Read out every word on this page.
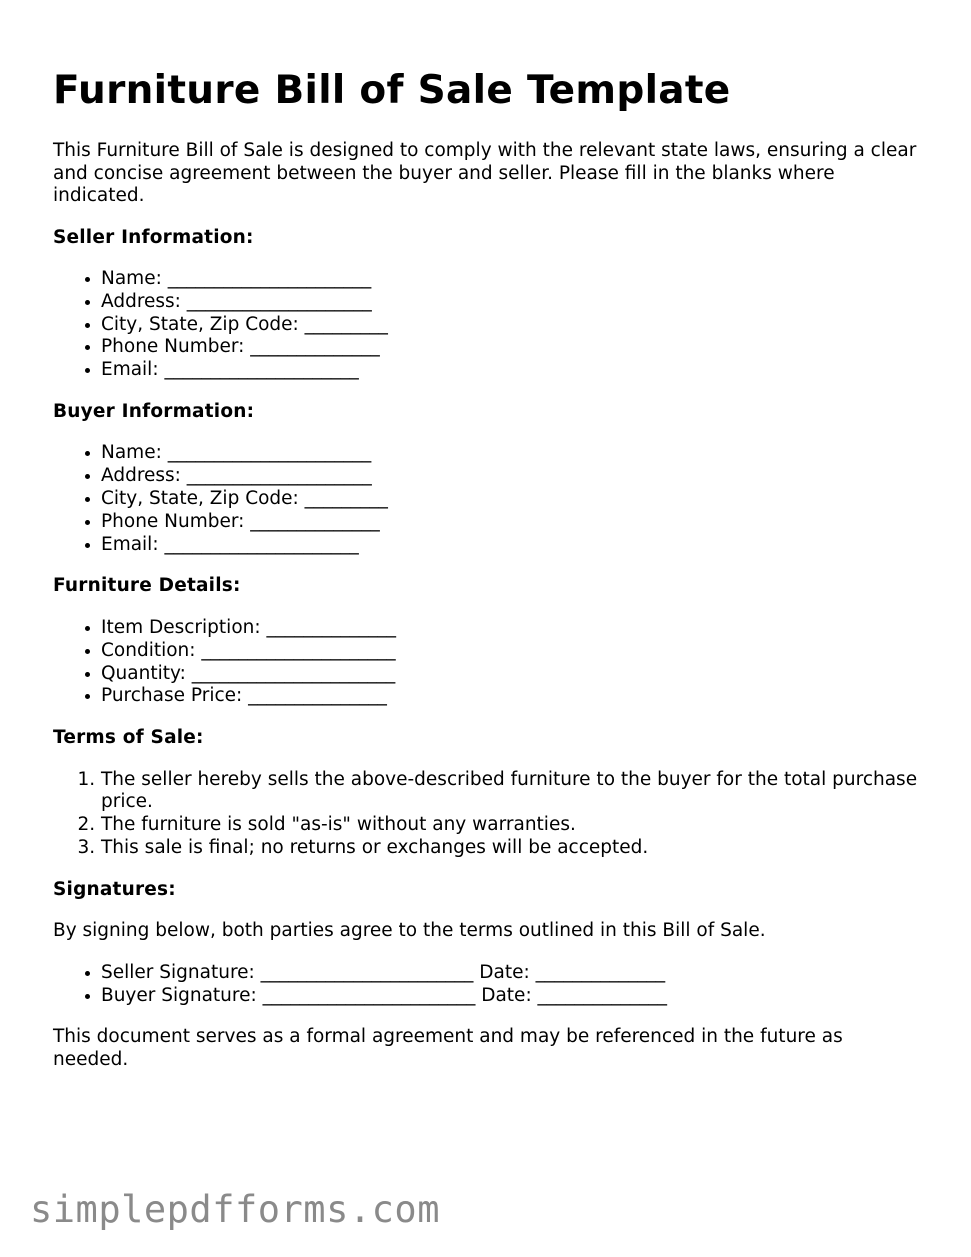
Furniture Bill of Sale Template

This Furniture Bill of Sale is designed to comply with the relevant state laws, ensuring a clear and concise agreement between the buyer and seller. Please fill in the blanks where indicated.

Seller Information:
• Name: ______________________
• Address: ____________________
• City, State, Zip Code: _________
• Phone Number: ______________
• Email: _____________________
Buyer Information:
• Name: ______________________
• Address: ____________________
• City, State, Zip Code: _________
• Phone Number: ______________
• Email: _____________________
Furniture Details:
• Item Description: ______________
• Condition: _____________________
• Quantity: ______________________
• Purchase Price: _______________
Terms of Sale:
1. The seller hereby sells the above-described furniture to the buyer for the total purchase price.
2. The furniture is sold "as-is" without any warranties.
3. This sale is final; no returns or exchanges will be accepted.
Signatures:

By signing below, both parties agree to the terms outlined in this Bill of Sale.

• Seller Signature: _______________________ Date: ______________
• Buyer Signature: _______________________ Date: ______________

This document serves as a formal agreement and may be referenced in the future as needed.

simplepdfforms.com
